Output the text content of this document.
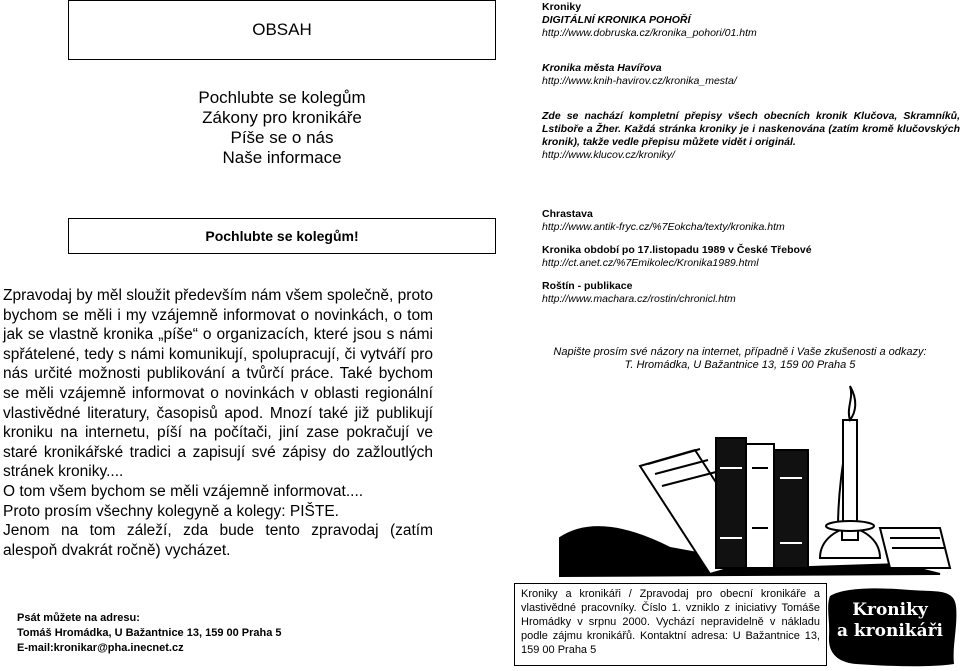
OBSAH
Pochlubte se kolegům
Zákony pro kronikáře
Píše se o nás
Naše informace
Pochlubte se kolegům!

Zpravodaj by měl sloužit především nám všem společně, proto bychom se měli i my vzájemně informovat o novinkách, o tom jak se vlastně kronika „píše“ o organizacích, které jsou s námi spřátelené, tedy s námi komunikují, spolupracují, či vytváří pro nás určité možnosti publikování a tvůrčí práce. Také bychom se měli vzájemně informovat o novinkách v oblasti regionální vlastivědné literatury, časopisů apod. Mnozí také již publikují kroniku na internetu, píší na počítači, jiní zase pokračují ve staré kronikářské tradici a zapisují své zápisy do zažloutlých stránek kroniky....

O tom všem bychom se měli vzájemně informovat....

Proto prosím všechny kolegyně a kolegy: PIŠTE.

Jenom na tom záleží, zda bude tento zpravodaj (zatím alespoň dvakrát ročně) vycházet.

Psát můžete na adresu:
Tomáš Hromádka, U Bažantnice 13, 159 00 Praha 5
E-mail:kronikar@pha.inecnet.cz
Kroniky
DIGITÁLNÍ KRONIKA POHOŘÍ
http://www.dobruska.cz/kronika_pohori/01.htm
Kronika města Havířova
http://www.knih-havirov.cz/kronika_mesta/
Zde se nachází kompletní přepisy všech obecních kronik Klučova, Skramníků, Lstiboře a Žher. Každá stránka kroniky je i naskenována (zatím kromě klučovských kronik), takže vedle přepisu můžete vidět i originál.
http://www.klucov.cz/kroniky/
Chrastava
http://www.antik-fryc.cz/%7Eokcha/texty/kronika.htm
Kronika období po 17.listopadu 1989 v České Třebové
http://ct.anet.cz/%7Emikolec/Kronika1989.html
Roštín - publikace
http://www.machara.cz/rostin/chronicl.htm
Napište prosím své názory na internet, případně i Vaše zkušenosti a odkazy:
T. Hromádka, U Bažantnice 13, 159 00 Praha 5
Kroniky a kronikáři / Zpravodaj pro obecní kronikáře a vlastivědné pracovníky. Číslo 1. vzniklo z iniciativy Tomáše Hromádky v srpnu 2000. Vychází nepravidelně v nákladu podle zájmu kronikářů. Kontaktní adresa: U Bažantnice 13, 159 00 Praha 5
Kroniky
a kronikáři
